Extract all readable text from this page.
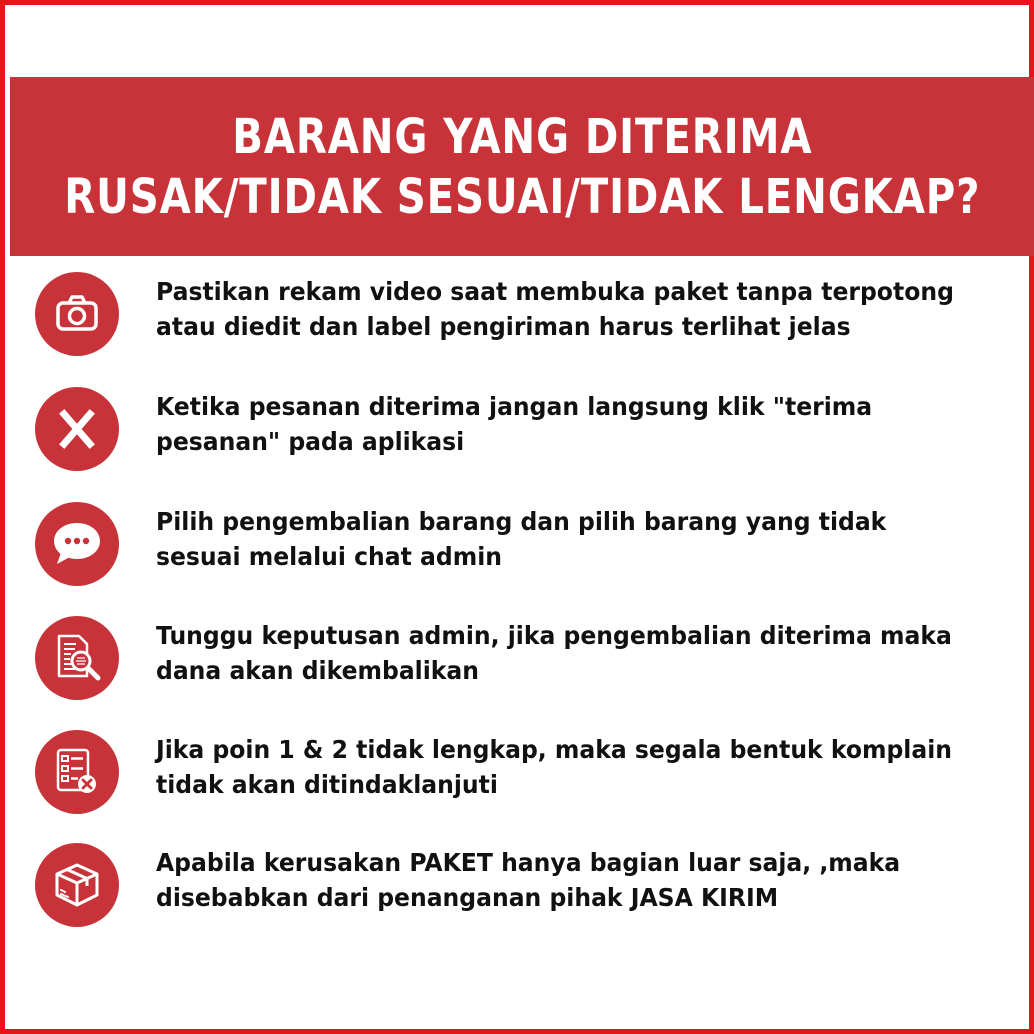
BARANG YANG DITERIMA
RUSAK/TIDAK SESUAI/TIDAK LENGKAP?
Pastikan rekam video saat membuka paket tanpa terpotong atau diedit dan label pengiriman harus terlihat jelas
Ketika pesanan diterima jangan langsung klik "terima pesanan" pada aplikasi
Pilih pengembalian barang dan pilih barang yang tidak sesuai melalui chat admin
Tunggu keputusan admin, jika pengembalian diterima maka dana akan dikembalikan
Jika poin 1 & 2 tidak lengkap, maka segala bentuk komplain tidak akan ditindaklanjuti
Apabila kerusakan PAKET hanya bagian luar saja, ,maka disebabkan dari penanganan pihak JASA KIRIM
